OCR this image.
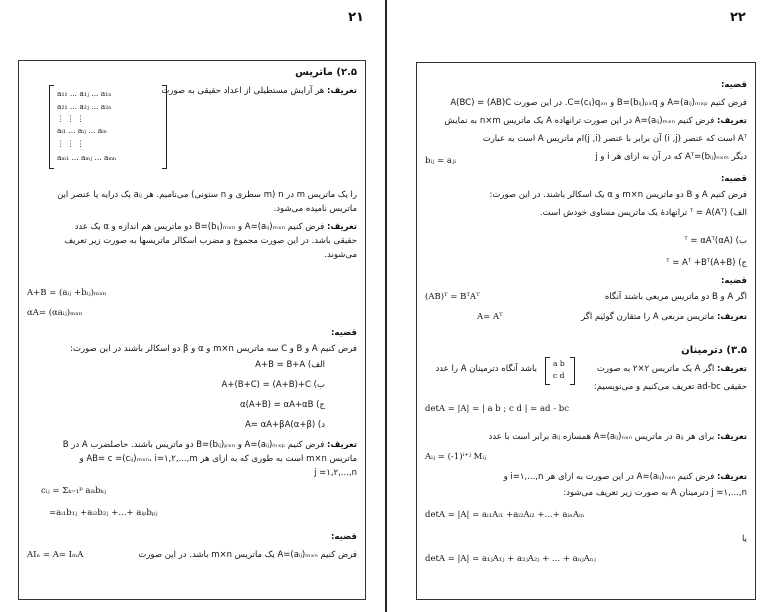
۲۱
۲.۵) ماتریس
تعریف: هر آرایش مستطیلی از اعداد حقیقی به صورت
a₁₁ ... a₁ⱼ ... a₁ₙ
a₂₁ ... a₂ⱼ ... a₂ₙ
⋮ ⋮ ⋮
aᵢ₁ ... aᵢⱼ ... aᵢₙ
⋮ ⋮ ⋮
aₘ₁ ... aₘⱼ ... aₘₙ
را یک ماتریس m در n (m سطری و n ستونی) می‌نامیم. هر aᵢⱼ یک درایه یا عنصر این
ماتریس نامیده می‌شود.
تعریف: فرض کنیم A=(aᵢⱼ)ₘₓₙ و B=(bᵢⱼ)ₘₓₙ دو ماتریس هم اندازه و α یک عدد
حقیقی باشد. در این صورت مجموع و مضرب اسکالر ماتریسها به صورت زیر تعریف
می‌شوند.
A+B = (aᵢⱼ +bᵢⱼ)ₘₓₙ
αA= (αaᵢⱼ)ₘₓₙ
قضیه:
فرض کنیم A و B و C سه ماتریس m×n و α و β دو اسکالر باشند در این صورت:
الف) A+B = B+A
ب) A+(B+C) = (A+B)+C
ج) α(A+B) = αA+αB
د) (α+β)A= αA+βA
تعریف: فرض کنیم A=(aᵢⱼ)ₘₓₚ و B=(bᵢⱼ)ₚₓₙ دو ماتریس باشند. حاصلضرب A در B
ماتریس m×n است به طوری که به ازای هر AB= c =(cᵢⱼ)ₘₓₙ، i=۱,۲,...,m و
j =۱,۲,...,n
cᵢⱼ = Σₖ₌₁ᵖ aᵢₖbₖⱼ
=aᵢ₁b₁ⱼ +aᵢ₂b₂ⱼ +...+ aᵢₚbₚⱼ
قضیه:
فرض کنیم A=(aᵢⱼ)ₘₓₙ یک ماتریس m×n باشد. در این صورت
AIₙ = A= IₘA
۲۲
قضیه:
فرض کنیم A=(aᵢⱼ)ₘₓₚ و B=(bᵢⱼ)ₚₓq و C=(cᵢⱼ)qₓₙ. در این صورت A(BC) = (AB)C
تعریف: فرض کنیم A=(aᵢⱼ)ₘₓₙ در این صورت ترانهاده A یک ماتریس n×m به نمایش
Aᵀ است که عنصر (i ,j) آن برابر با عنصر (j ,i)ام ماتریس A است به عبارت
دیگر Aᵀ=(bᵢⱼ)ₙₓₘ که در آن به ازای هر i و j
bᵢⱼ = aⱼᵢ
قضیه:
فرض کنیم A و B دو ماتریس m×n و α یک اسکالر باشند. در این صورت:
الف) (Aᵀ)ᵀ = A ترانهادهٔ یک ماتریس مساوی خودش است.
ب) (αA)ᵀ = αAᵀ
ج) (A+B)ᵀ = Aᵀ +Bᵀ
قضیه:
اگر A و B دو ماتریس مربعی باشند آنگاه
(AB)ᵀ = BᵀAᵀ
تعریف: ماتریس مربعی A را متقارن گوئیم اگر
A= Aᵀ
۳.۵) دترمینان
تعریف: اگر A یک ماتریس ۲×۲ به صورت
a b
c d
باشد آنگاه دترمینان A را عدد
حقیقی ad-bc تعریف می‌کنیم و می‌نویسیم:
detA = |A| = | a b ; c d | = ad - bc
تعریف: برای هر aᵢⱼ در ماتریس A=(aᵢⱼ)ₙₓₙ همسازه aᵢⱼ برابر است با عدد
Aᵢⱼ = (-1)ⁱ⁺ʲ Mᵢⱼ
تعریف: فرض کنیم A=(aᵢⱼ)ₙₓₙ در این صورت به ازای هر i=۱,...,n و
j =۱,...,n دترمینان A به صورت زیر تعریف می‌شود:
detA = |A| = aᵢ₁Aᵢ₁ +aᵢ₂Aᵢ₂ +...+ aᵢₙAᵢₙ
یا
detA = |A| = a₁ⱼA₁ⱼ + a₂ⱼA₂ⱼ + ... + aₙⱼAₙⱼ
